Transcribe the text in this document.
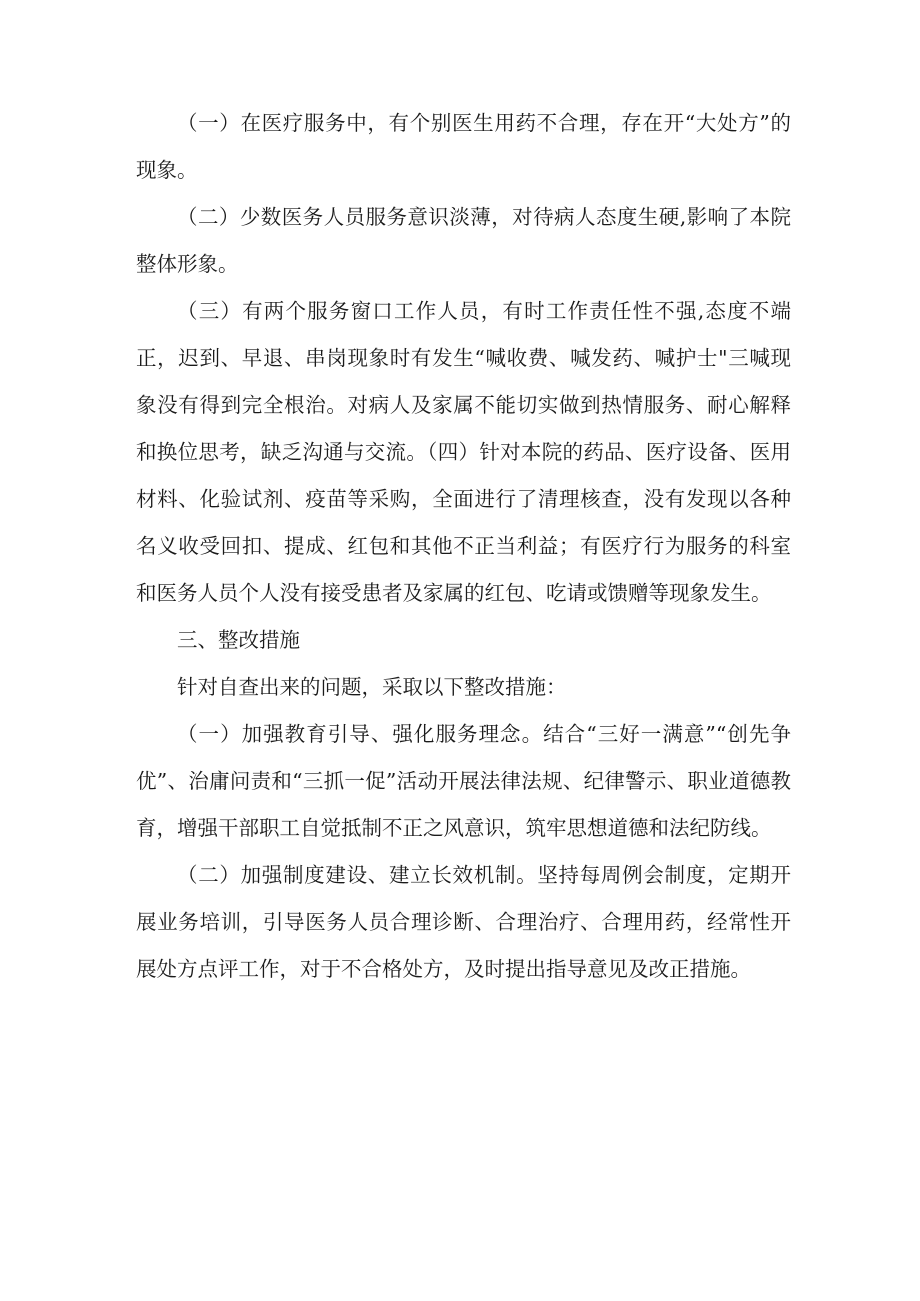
（一）在医疗服务中，有个别医生用药不合理，存在开“大处方”的现象。

（二）少数医务人员服务意识淡薄，对待病人态度生硬,影响了本院整体形象。

（三）有两个服务窗口工作人员，有时工作责任性不强,态度不端正，迟到、早退、串岗现象时有发生“喊收费、喊发药、喊护士"三喊现象没有得到完全根治。对病人及家属不能切实做到热情服务、耐心解释和换位思考，缺乏沟通与交流。（四）针对本院的药品、医疗设备、医用材料、化验试剂、疫苗等采购，全面进行了清理核查，没有发现以各种名义收受回扣、提成、红包和其他不正当利益；有医疗行为服务的科室和医务人员个人没有接受患者及家属的红包、吃请或馈赠等现象发生。

三、整改措施

针对自查出来的问题，采取以下整改措施：

（一）加强教育引导、强化服务理念。结合“三好一满意”“创先争优”、治庸问责和“三抓一促”活动开展法律法规、纪律警示、职业道德教育，增强干部职工自觉抵制不正之风意识，筑牢思想道德和法纪防线。

（二）加强制度建设、建立长效机制。坚持每周例会制度，定期开展业务培训，引导医务人员合理诊断、合理治疗、合理用药，经常性开展处方点评工作，对于不合格处方，及时提出指导意见及改正措施。
